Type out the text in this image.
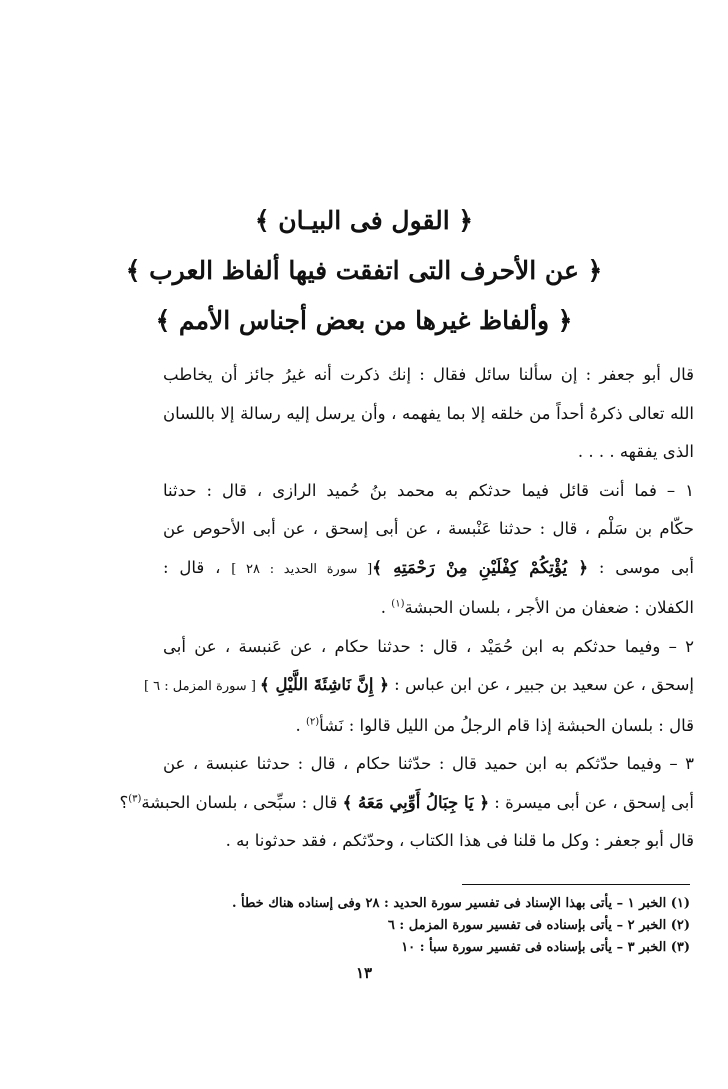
﴿ القول فى البيـان ﴾
﴿ عن الأحرف التى اتفقت فيها ألفاظ العرب ﴾
﴿ وألفاظ غيرها من بعض أجناس الأمم ﴾

قال أبو جعفر : إن سألنا سائل فقال : إنك ذكرت أنه غيرُ جائز أن يخاطب
الله تعالى ذكرهُ أحداً من خلقه إلا بما يفهمه ، وأن يرسل إليه رسالة إلا باللسان
الذى يفقهه . . . .

١ – فما أنت قائل فيما حدثكم به محمد بنُ حُميد الرازى ، قال : حدثنا
حكّام بن سَلْم ، قال : حدثنا عَنْبسة ، عن أبى إسحق ، عن أبى الأحوص عن
أبى موسى : ﴿ يُؤْتِكُمْ كِفْلَيْنِ مِنْ رَحْمَتِهِ ﴾[ سورة الحديد : ٢٨ ] ، قال :
الكفلان : ضعفان من الأجر ، بلسان الحبشة$^{(١)}$ .

٢ – وفيما حدثكم به ابن حُمَيْد ، قال : حدثنا حكام ، عن عَنبسة ، عن أبى
إسحق ، عن سعيد بن جبير ، عن ابن عباس : ﴿ إِنَّ نَاشِئَةَ اللَّيْلِ ﴾ [ سورة المزمل : ٦ ]
قال : بلسان الحبشة إذا قام الرجلُ من الليل قالوا : نَشأ$^{(٢)}$ .

٣ – وفيما حدّثكم به ابن حميد قال : حدّثنا حكام ، قال : حدثنا عنبسة ، عن
أبى إسحق ، عن أبى ميسرة : ﴿ يَا جِبَالُ أَوِّبِي مَعَهُ ﴾ قال : سبِّحى ، بلسان الحبشة$^{(٣)}$؟

قال أبو جعفر : وكل ما قلنا فى هذا الكتاب ، وحدّثكم ، فقد حدثونا به .

(١) الخبر ١ – يأتى بهذا الإسناد فى تفسير سورة الحديد : ٢٨ وفى إسناده هناك خطأ .
(٢) الخبر ٢ – يأتى بإسناده فى تفسير سورة المزمل : ٦
(٣) الخبر ٣ – يأتى بإسناده فى تفسير سورة سبأ : ١٠
١٣
